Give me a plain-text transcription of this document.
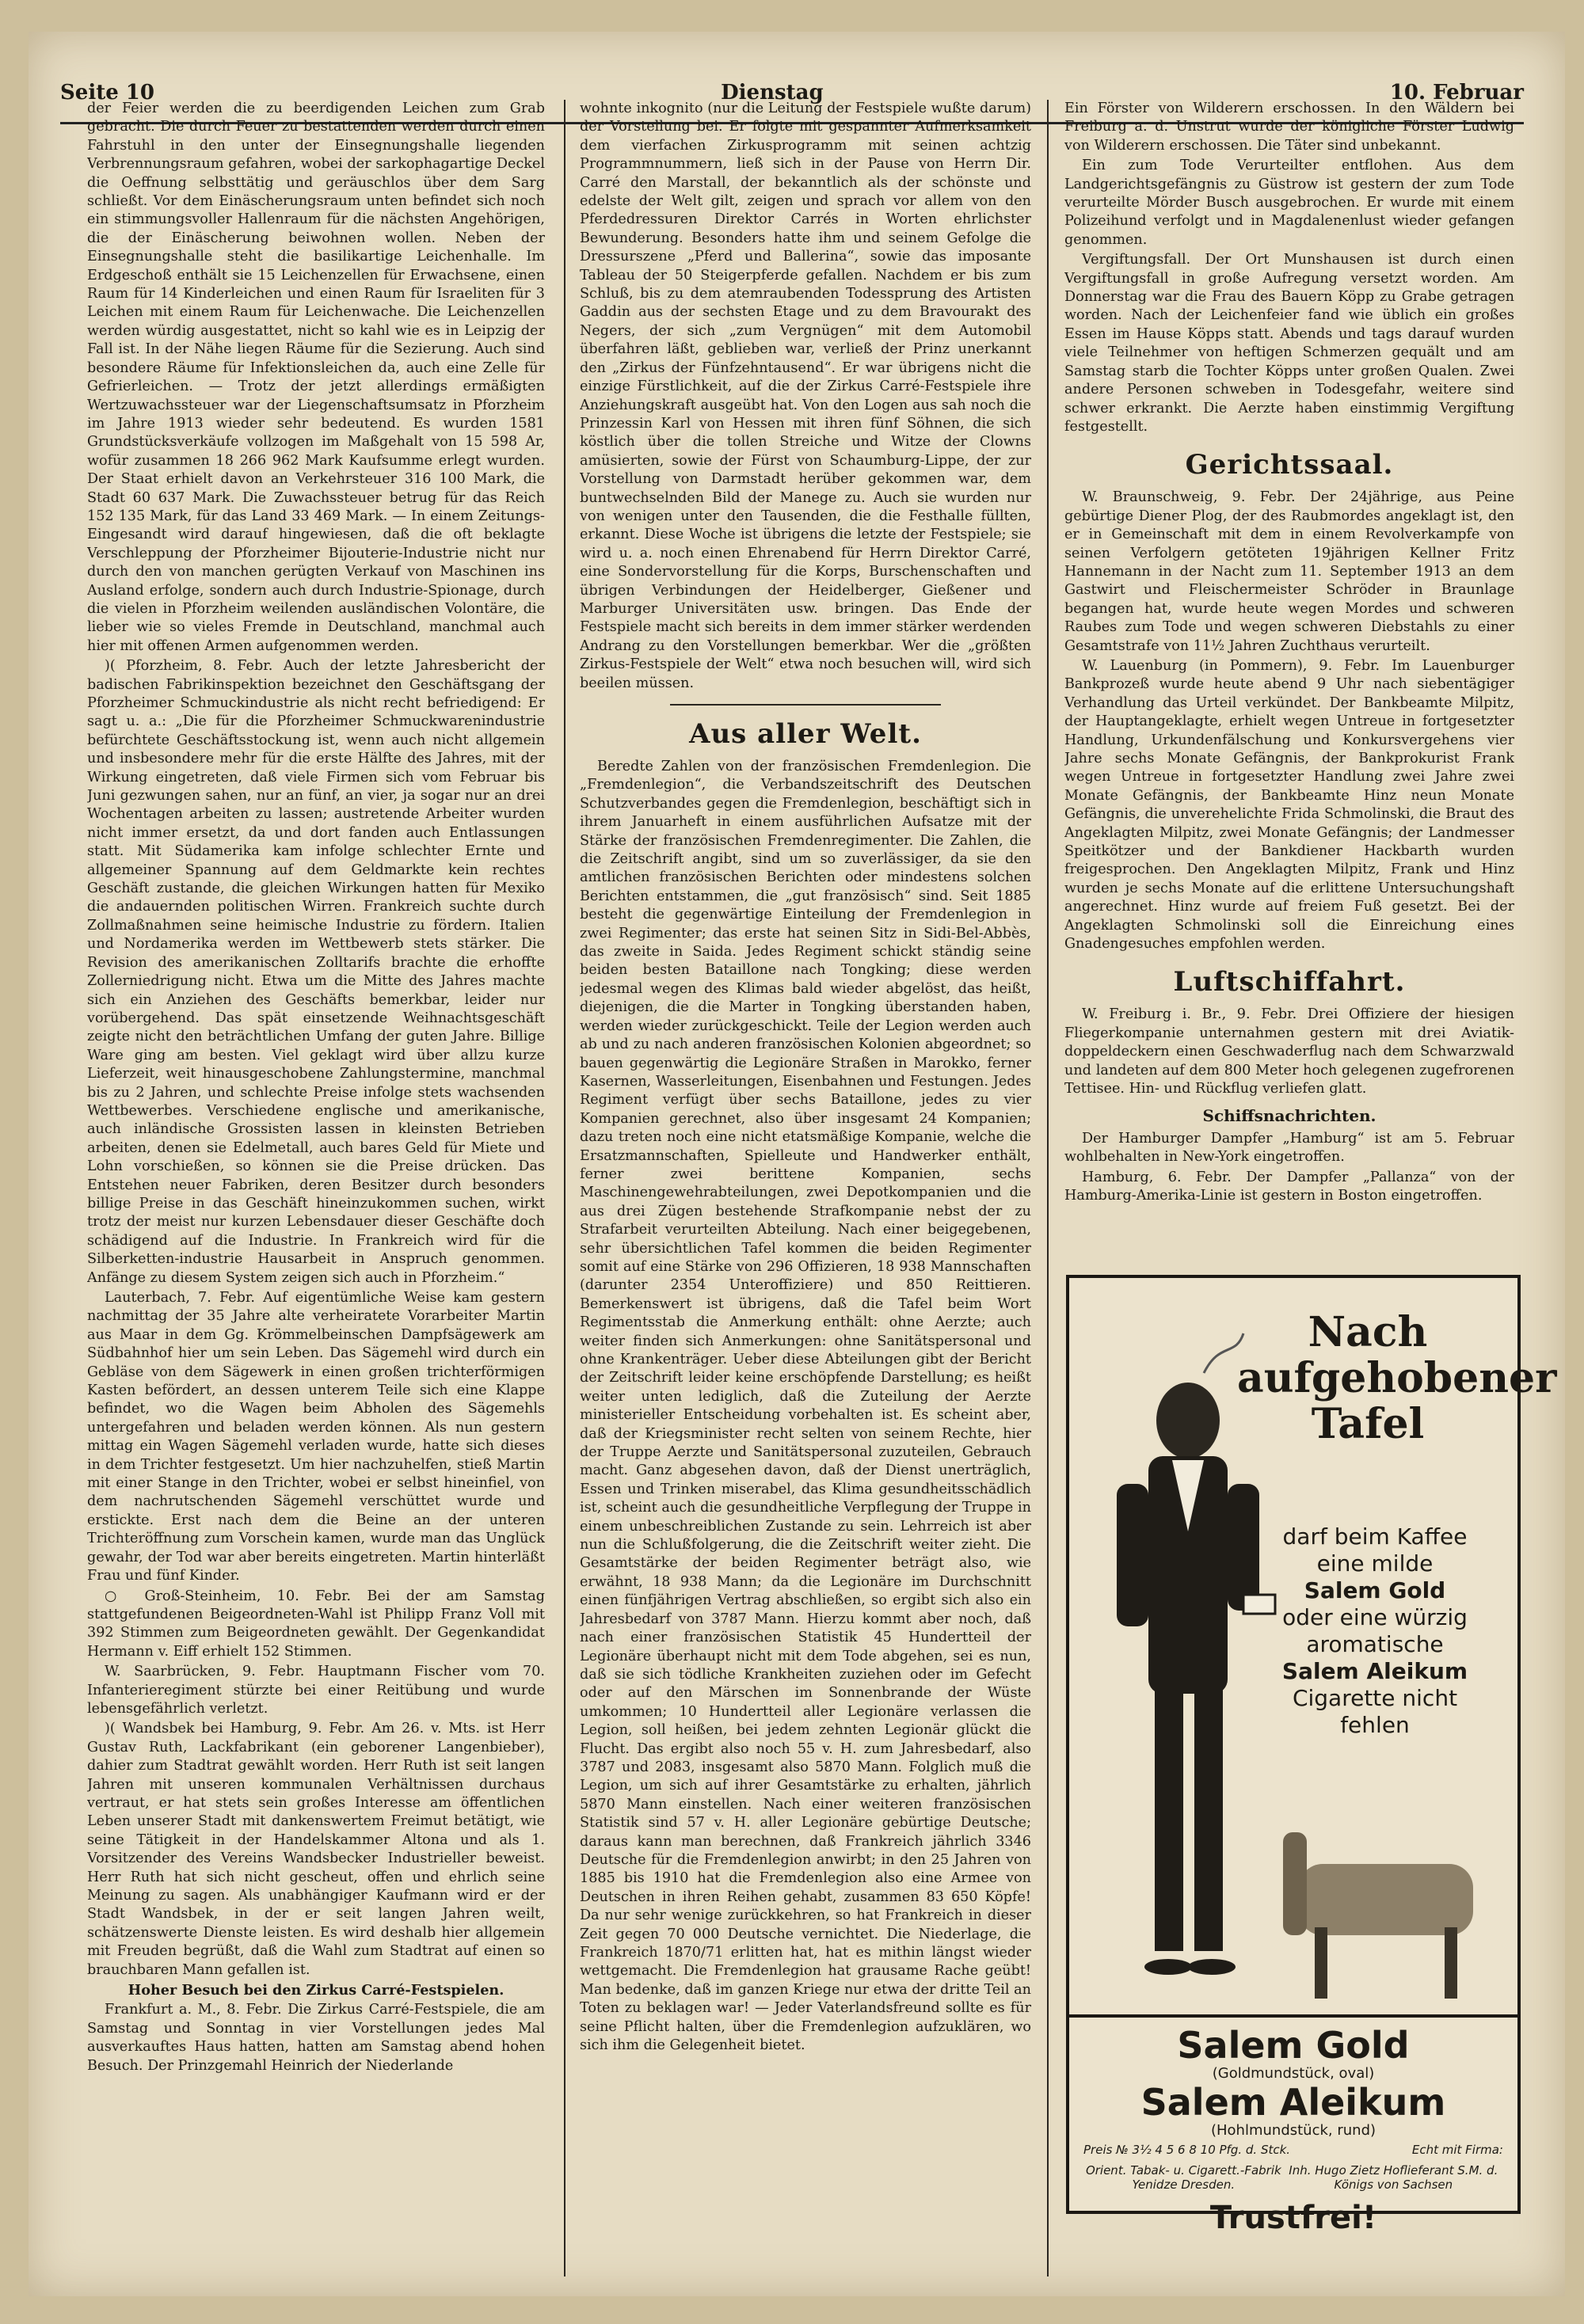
Seite 10	Dienstag	10. Februar

der Feier werden die zu beerdigenden Leichen zum Grab gebracht. Die durch Feuer zu bestattenden werden durch einen Fahrstuhl in den unter der Einsegnungshalle liegenden Verbrennungsraum gefahren, wobei der sarkophagartige Deckel die Oeffnung selbsttätig und geräuschlos über dem Sarg schließt. Vor dem Einäscherungsraum unten befindet sich noch ein stimmungsvoller Hallenraum für die nächsten Angehörigen, die der Einäscherung beiwohnen wollen. Neben der Einsegnungshalle steht die basilikartige Leichenhalle. Im Erdgeschoß enthält sie 15 Leichenzellen für Erwachsene, einen Raum für 14 Kinderleichen und einen Raum für Israeliten für 3 Leichen mit einem Raum für Leichenwache. Die Leichenzellen werden würdig ausgestattet, nicht so kahl wie es in Leipzig der Fall ist. In der Nähe liegen Räume für die Sezierung. Auch sind besondere Räume für Infektionsleichen da, auch eine Zelle für Gefrierleichen. — Trotz der jetzt allerdings ermäßigten Wertzuwachssteuer war der Liegenschaftsumsatz in Pforzheim im Jahre 1913 wieder sehr bedeutend. Es wurden 1581 Grundstücksverkäufe vollzogen im Maßgehalt von 15 598 Ar, wofür zusammen 18 266 962 Mark Kaufsumme erlegt wurden. Der Staat erhielt davon an Verkehrsteuer 316 100 Mark, die Stadt 60 637 Mark. Die Zuwachssteuer betrug für das Reich 152 135 Mark, für das Land 33 469 Mark. — In einem Zeitungs-Eingesandt wird darauf hingewiesen, daß die oft beklagte Verschleppung der Pforzheimer Bijouterie-Industrie nicht nur durch den von manchen gerügten Verkauf von Maschinen ins Ausland erfolge, sondern auch durch Industrie-Spionage, durch die vielen in Pforzheim weilenden ausländischen Volontäre, die lieber wie so vieles Fremde in Deutschland, manchmal auch hier mit offenen Armen aufgenommen werden.

)( Pforzheim, 8. Febr. Auch der letzte Jahresbericht der badischen Fabrikinspektion bezeichnet den Geschäftsgang der Pforzheimer Schmuckindustrie als nicht recht befriedigend: Er sagt u. a.: „Die für die Pforzheimer Schmuckwarenindustrie befürchtete Geschäftsstockung ist, wenn auch nicht allgemein und insbesondere mehr für die erste Hälfte des Jahres, mit der Wirkung eingetreten, daß viele Firmen sich vom Februar bis Juni gezwungen sahen, nur an fünf, an vier, ja sogar nur an drei Wochentagen arbeiten zu lassen; austretende Arbeiter wurden nicht immer ersetzt, da und dort fanden auch Entlassungen statt. Mit Südamerika kam infolge schlechter Ernte und allgemeiner Spannung auf dem Geldmarkte kein rechtes Geschäft zustande, die gleichen Wirkungen hatten für Mexiko die andauernden politischen Wirren. Frankreich suchte durch Zollmaßnahmen seine heimische Industrie zu fördern. Italien und Nordamerika werden im Wettbewerb stets stärker. Die Revision des amerikanischen Zolltarifs brachte die erhoffte Zollerniedrigung nicht. Etwa um die Mitte des Jahres machte sich ein Anziehen des Geschäfts bemerkbar, leider nur vorübergehend. Das spät einsetzende Weihnachtsgeschäft zeigte nicht den beträchtlichen Umfang der guten Jahre. Billige Ware ging am besten. Viel geklagt wird über allzu kurze Lieferzeit, weit hinausgeschobene Zahlungstermine, manchmal bis zu 2 Jahren, und schlechte Preise infolge stets wachsenden Wettbewerbes. Verschiedene englische und amerikanische, auch inländische Grossisten lassen in kleinsten Betrieben arbeiten, denen sie Edelmetall, auch bares Geld für Miete und Lohn vorschießen, so können sie die Preise drücken. Das Entstehen neuer Fabriken, deren Besitzer durch besonders billige Preise in das Geschäft hineinzukommen suchen, wirkt trotz der meist nur kurzen Lebensdauer dieser Geschäfte doch schädigend auf die Industrie. In Frankreich wird für die Silberketten-industrie Hausarbeit in Anspruch genommen. Anfänge zu diesem System zeigen sich auch in Pforzheim.“

Lauterbach, 7. Febr. Auf eigentümliche Weise kam gestern nachmittag der 35 Jahre alte verheiratete Vorarbeiter Martin aus Maar in dem Gg. Krömmelbeinschen Dampfsägewerk am Südbahnhof hier um sein Leben. Das Sägemehl wird durch ein Gebläse von dem Sägewerk in einen großen trichterförmigen Kasten befördert, an dessen unterem Teile sich eine Klappe befindet, wo die Wagen beim Abholen des Sägemehls untergefahren und beladen werden können. Als nun gestern mittag ein Wagen Sägemehl verladen wurde, hatte sich dieses in dem Trichter festgesetzt. Um hier nachzuhelfen, stieß Martin mit einer Stange in den Trichter, wobei er selbst hineinfiel, von dem nachrutschenden Sägemehl verschüttet wurde und erstickte. Erst nach dem die Beine an der unteren Trichteröffnung zum Vorschein kamen, wurde man das Unglück gewahr, der Tod war aber bereits eingetreten. Martin hinterläßt Frau und fünf Kinder.

○ Groß-Steinheim, 10. Febr. Bei der am Samstag stattgefundenen Beigeordneten-Wahl ist Philipp Franz Voll mit 392 Stimmen zum Beigeordneten gewählt. Der Gegenkandidat Hermann v. Eiff erhielt 152 Stimmen.

W. Saarbrücken, 9. Febr. Hauptmann Fischer vom 70. Infanterieregiment stürzte bei einer Reitübung und wurde lebensgefährlich verletzt.

)( Wandsbek bei Hamburg, 9. Febr. Am 26. v. Mts. ist Herr Gustav Ruth, Lackfabrikant (ein geborener Langenbieber), dahier zum Stadtrat gewählt worden. Herr Ruth ist seit langen Jahren mit unseren kommunalen Verhältnissen durchaus vertraut, er hat stets sein großes Interesse am öffentlichen Leben unserer Stadt mit dankenswertem Freimut betätigt, wie seine Tätigkeit in der Handelskammer Altona und als 1. Vorsitzender des Vereins Wandsbecker Industrieller beweist. Herr Ruth hat sich nicht gescheut, offen und ehrlich seine Meinung zu sagen. Als unabhängiger Kaufmann wird er der Stadt Wandsbek, in der er seit langen Jahren weilt, schätzenswerte Dienste leisten. Es wird deshalb hier allgemein mit Freuden begrüßt, daß die Wahl zum Stadtrat auf einen so brauchbaren Mann gefallen ist.

Hoher Besuch bei den Zirkus Carré-Festspielen.

Frankfurt a. M., 8. Febr. Die Zirkus Carré-Festspiele, die am Samstag und Sonntag in vier Vorstellungen jedes Mal ausverkauftes Haus hatten, hatten am Samstag abend hohen Besuch. Der Prinzgemahl Heinrich der Niederlande

wohnte inkognito (nur die Leitung der Festspiele wußte darum) der Vorstellung bei. Er folgte mit gespannter Aufmerksamkeit dem vierfachen Zirkusprogramm mit seinen achtzig Programmnummern, ließ sich in der Pause von Herrn Dir. Carré den Marstall, der bekanntlich als der schönste und edelste der Welt gilt, zeigen und sprach vor allem von den Pferdedressuren Direktor Carrés in Worten ehrlichster Bewunderung. Besonders hatte ihm und seinem Gefolge die Dressurszene „Pferd und Ballerina“, sowie das imposante Tableau der 50 Steigerpferde gefallen. Nachdem er bis zum Schluß, bis zu dem atemraubenden Todessprung des Artisten Gaddin aus der sechsten Etage und zu dem Bravourakt des Negers, der sich „zum Vergnügen“ mit dem Automobil überfahren läßt, geblieben war, verließ der Prinz unerkannt den „Zirkus der Fünfzehntausend“. Er war übrigens nicht die einzige Fürstlichkeit, auf die der Zirkus Carré-Festspiele ihre Anziehungskraft ausgeübt hat. Von den Logen aus sah noch die Prinzessin Karl von Hessen mit ihren fünf Söhnen, die sich köstlich über die tollen Streiche und Witze der Clowns amüsierten, sowie der Fürst von Schaumburg-Lippe, der zur Vorstellung von Darmstadt herüber gekommen war, dem buntwechselnden Bild der Manege zu. Auch sie wurden nur von wenigen unter den Tausenden, die die Festhalle füllten, erkannt. Diese Woche ist übrigens die letzte der Festspiele; sie wird u. a. noch einen Ehrenabend für Herrn Direktor Carré, eine Sondervorstellung für die Korps, Burschenschaften und übrigen Verbindungen der Heidelberger, Gießener und Marburger Universitäten usw. bringen. Das Ende der Festspiele macht sich bereits in dem immer stärker werdenden Andrang zu den Vorstellungen bemerkbar. Wer die „größten Zirkus-Festspiele der Welt“ etwa noch besuchen will, wird sich beeilen müssen.

Aus aller Welt.

Beredte Zahlen von der französischen Fremdenlegion. Die „Fremdenlegion“, die Verbandszeitschrift des Deutschen Schutzverbandes gegen die Fremdenlegion, beschäftigt sich in ihrem Januarheft in einem ausführlichen Aufsatze mit der Stärke der französischen Fremdenregimenter. Die Zahlen, die die Zeitschrift angibt, sind um so zuverlässiger, da sie den amtlichen französischen Berichten oder mindestens solchen Berichten entstammen, die „gut französisch“ sind. Seit 1885 besteht die gegenwärtige Einteilung der Fremdenlegion in zwei Regimenter; das erste hat seinen Sitz in Sidi-Bel-Abbès, das zweite in Saida. Jedes Regiment schickt ständig seine beiden besten Bataillone nach Tongking; diese werden jedesmal wegen des Klimas bald wieder abgelöst, das heißt, diejenigen, die die Marter in Tongking überstanden haben, werden wieder zurückgeschickt. Teile der Legion werden auch ab und zu nach anderen französischen Kolonien abgeordnet; so bauen gegenwärtig die Legionäre Straßen in Marokko, ferner Kasernen, Wasserleitungen, Eisenbahnen und Festungen. Jedes Regiment verfügt über sechs Bataillone, jedes zu vier Kompanien gerechnet, also über insgesamt 24 Kompanien; dazu treten noch eine nicht etatsmäßige Kompanie, welche die Ersatzmannschaften, Spielleute und Handwerker enthält, ferner zwei berittene Kompanien, sechs Maschinengewehrabteilungen, zwei Depotkompanien und die aus drei Zügen bestehende Strafkompanie nebst der zu Strafarbeit verurteilten Abteilung. Nach einer beigegebenen, sehr übersichtlichen Tafel kommen die beiden Regimenter somit auf eine Stärke von 296 Offizieren, 18 938 Mannschaften (darunter 2354 Unteroffiziere) und 850 Reittieren. Bemerkenswert ist übrigens, daß die Tafel beim Wort Regimentsstab die Anmerkung enthält: ohne Aerzte; auch weiter finden sich Anmerkungen: ohne Sanitätspersonal und ohne Krankenträger. Ueber diese Abteilungen gibt der Bericht der Zeitschrift leider keine erschöpfende Darstellung; es heißt weiter unten lediglich, daß die Zuteilung der Aerzte ministerieller Entscheidung vorbehalten ist. Es scheint aber, daß der Kriegsminister recht selten von seinem Rechte, hier der Truppe Aerzte und Sanitätspersonal zuzuteilen, Gebrauch macht. Ganz abgesehen davon, daß der Dienst unerträglich, Essen und Trinken miserabel, das Klima gesundheitsschädlich ist, scheint auch die gesundheitliche Verpflegung der Truppe in einem unbeschreiblichen Zustande zu sein. Lehrreich ist aber nun die Schlußfolgerung, die die Zeitschrift weiter zieht. Die Gesamtstärke der beiden Regimenter beträgt also, wie erwähnt, 18 938 Mann; da die Legionäre im Durchschnitt einen fünfjährigen Vertrag abschließen, so ergibt sich also ein Jahresbedarf von 3787 Mann. Hierzu kommt aber noch, daß nach einer französischen Statistik 45 Hundertteil der Legionäre überhaupt nicht mit dem Tode abgehen, sei es nun, daß sie sich tödliche Krankheiten zuziehen oder im Gefecht oder auf den Märschen im Sonnenbrande der Wüste umkommen; 10 Hundertteil aller Legionäre verlassen die Legion, soll heißen, bei jedem zehnten Legionär glückt die Flucht. Das ergibt also noch 55 v. H. zum Jahresbedarf, also 3787 und 2083, insgesamt also 5870 Mann. Folglich muß die Legion, um sich auf ihrer Gesamtstärke zu erhalten, jährlich 5870 Mann einstellen. Nach einer weiteren französischen Statistik sind 57 v. H. aller Legionäre gebürtige Deutsche; daraus kann man berechnen, daß Frankreich jährlich 3346 Deutsche für die Fremdenlegion anwirbt; in den 25 Jahren von 1885 bis 1910 hat die Fremdenlegion also eine Armee von Deutschen in ihren Reihen gehabt, zusammen 83 650 Köpfe! Da nur sehr wenige zurückkehren, so hat Frankreich in dieser Zeit gegen 70 000 Deutsche vernichtet. Die Niederlage, die Frankreich 1870/71 erlitten hat, hat es mithin längst wieder wettgemacht. Die Fremdenlegion hat grausame Rache geübt! Man bedenke, daß im ganzen Kriege nur etwa der dritte Teil an Toten zu beklagen war! — Jeder Vaterlandsfreund sollte es für seine Pflicht halten, über die Fremdenlegion aufzuklären, wo sich ihm die Gelegenheit bietet.

Ein Förster von Wilderern erschossen. In den Wäldern bei Freiburg a. d. Unstrut wurde der königliche Förster Ludwig von Wilderern erschossen. Die Täter sind unbekannt.

Ein zum Tode Verurteilter entflohen. Aus dem Landgerichtsgefängnis zu Güstrow ist gestern der zum Tode verurteilte Mörder Busch ausgebrochen. Er wurde mit einem Polizeihund verfolgt und in Magdalenenlust wieder gefangen genommen.

Vergiftungsfall. Der Ort Munshausen ist durch einen Vergiftungsfall in große Aufregung versetzt worden. Am Donnerstag war die Frau des Bauern Köpp zu Grabe getragen worden. Nach der Leichenfeier fand wie üblich ein großes Essen im Hause Köpps statt. Abends und tags darauf wurden viele Teilnehmer von heftigen Schmerzen gequält und am Samstag starb die Tochter Köpps unter großen Qualen. Zwei andere Personen schweben in Todesgefahr, weitere sind schwer erkrankt. Die Aerzte haben einstimmig Vergiftung festgestellt.

Gerichtssaal.

W. Braunschweig, 9. Febr. Der 24jährige, aus Peine gebürtige Diener Plog, der des Raubmordes angeklagt ist, den er in Gemeinschaft mit dem in einem Revolverkampfe von seinen Verfolgern getöteten 19jährigen Kellner Fritz Hannemann in der Nacht zum 11. September 1913 an dem Gastwirt und Fleischermeister Schröder in Braunlage begangen hat, wurde heute wegen Mordes und schweren Raubes zum Tode und wegen schweren Diebstahls zu einer Gesamtstrafe von 11½ Jahren Zuchthaus verurteilt.

W. Lauenburg (in Pommern), 9. Febr. Im Lauenburger Bankprozeß wurde heute abend 9 Uhr nach siebentägiger Verhandlung das Urteil verkündet. Der Bankbeamte Milpitz, der Hauptangeklagte, erhielt wegen Untreue in fortgesetzter Handlung, Urkundenfälschung und Konkursvergehens vier Jahre sechs Monate Gefängnis, der Bankprokurist Frank wegen Untreue in fortgesetzter Handlung zwei Jahre zwei Monate Gefängnis, der Bankbeamte Hinz neun Monate Gefängnis, die unverehelichte Frida Schmolinski, die Braut des Angeklagten Milpitz, zwei Monate Gefängnis; der Landmesser Speitkötzer und der Bankdiener Hackbarth wurden freigesprochen. Den Angeklagten Milpitz, Frank und Hinz wurden je sechs Monate auf die erlittene Untersuchungshaft angerechnet. Hinz wurde auf freiem Fuß gesetzt. Bei der Angeklagten Schmolinski soll die Einreichung eines Gnadengesuches empfohlen werden.

Luftschiffahrt.

W. Freiburg i. Br., 9. Febr. Drei Offiziere der hiesigen Fliegerkompanie unternahmen gestern mit drei Aviatik-doppeldeckern einen Geschwaderflug nach dem Schwarzwald und landeten auf dem 800 Meter hoch gelegenen zugefrorenen Tettisee. Hin- und Rückflug verliefen glatt.

Schiffsnachrichten.

Der Hamburger Dampfer „Hamburg“ ist am 5. Februar wohlbehalten in New-York eingetroffen.

Hamburg, 6. Febr. Der Dampfer „Pallanza“ von der Hamburg-Amerika-Linie ist gestern in Boston eingetroffen.

Nach aufgehobener Tafel
darf beim Kaffee
eine milde
Salem Gold
oder eine würzig
aromatische
Salem Aleikum
Cigarette nicht
fehlen
Salem Gold
(Goldmundstück, oval)
Salem Aleikum
(Hohlmundstück, rund)
Preis № 3½ 4 5 6 8 10 Pfg. d. Stck.	Echt mit Firma:
Orient. Tabak- u. Cigarett.-Fabrik Yenidze Dresden.
Inh. Hugo Zietz Hoflieferant S.M. d. Königs von Sachsen
Trustfrei!
